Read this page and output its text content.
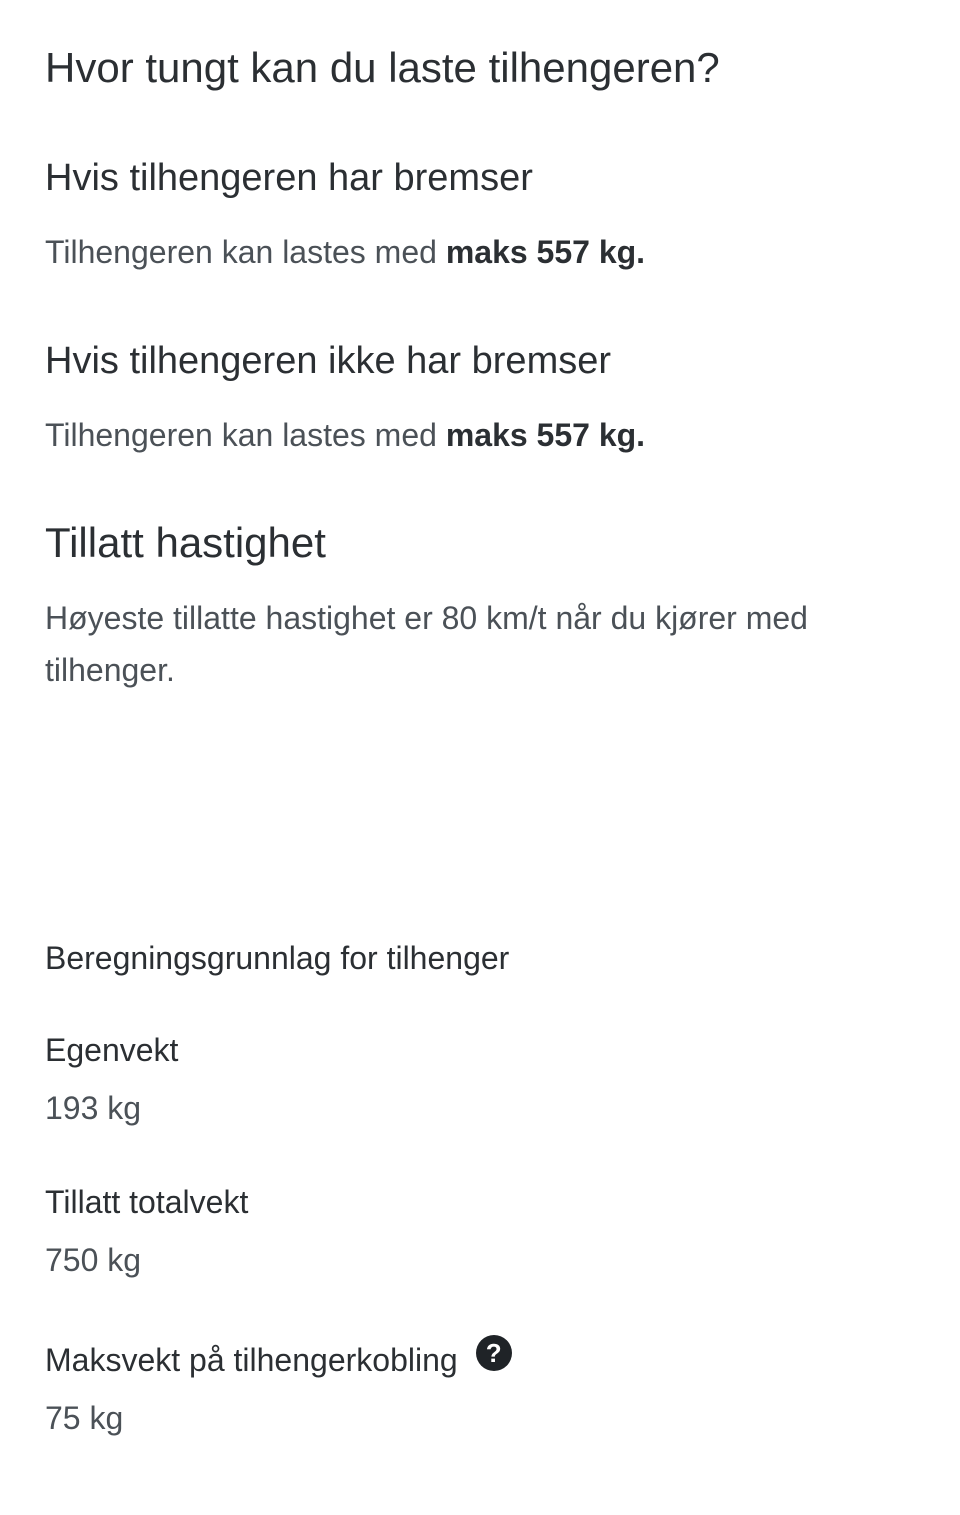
Hvor tungt kan du laste tilhengeren?
Hvis tilhengeren har bremser

Tilhengeren kan lastes med maks 557 kg.

Hvis tilhengeren ikke har bremser

Tilhengeren kan lastes med maks 557 kg.

Tillatt hastighet

Høyeste tillatte hastighet er 80 km/t når du kjører med tilhenger.

Beregningsgrunnlag for tilhenger
Egenvekt
193 kg
Tillatt totalvekt
750 kg
Maksvekt på tilhengerkobling	?
75 kg
